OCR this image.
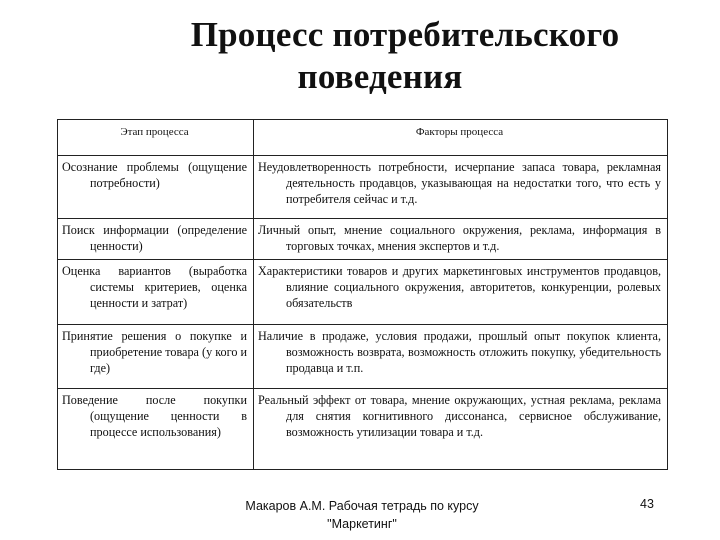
Процесс потребительского
поведения
Этап процесса	Факторы процесса

Осознание проблемы (ощущение потребности)	Неудовлетворенность потребности, исчерпание запаса товара, рекламная деятельность продавцов, указывающая на недостатки того, что есть у потребителя сейчас и т.д.

Поиск информации (определение ценности)	Личный опыт, мнение социального окружения, реклама, информация в торговых точках, мнения экспертов и т.д.

Оценка вариантов (выработка системы критериев, оценка ценности и затрат)	Характеристики товаров и других маркетинговых инструментов продавцов, влияние социального окружения, авторитетов, конкуренции, ролевых обязательств

Принятие решения о покупке и приобретение товара (у кого и где)	Наличие в продаже, условия продажи, прошлый опыт покупок клиента, возможность возврата, возможность отложить покупку, убедительность продавца и т.п.

Поведение после покупки (ощущение ценности в процессе использования)	Реальный эффект от товара, мнение окружающих, устная реклама, реклама для снятия когнитивного диссонанса, сервисное обслуживание, возможность утилизации товара и т.д.
Макаров А.М. Рабочая тетрадь по курсу "Маркетинг"
43
